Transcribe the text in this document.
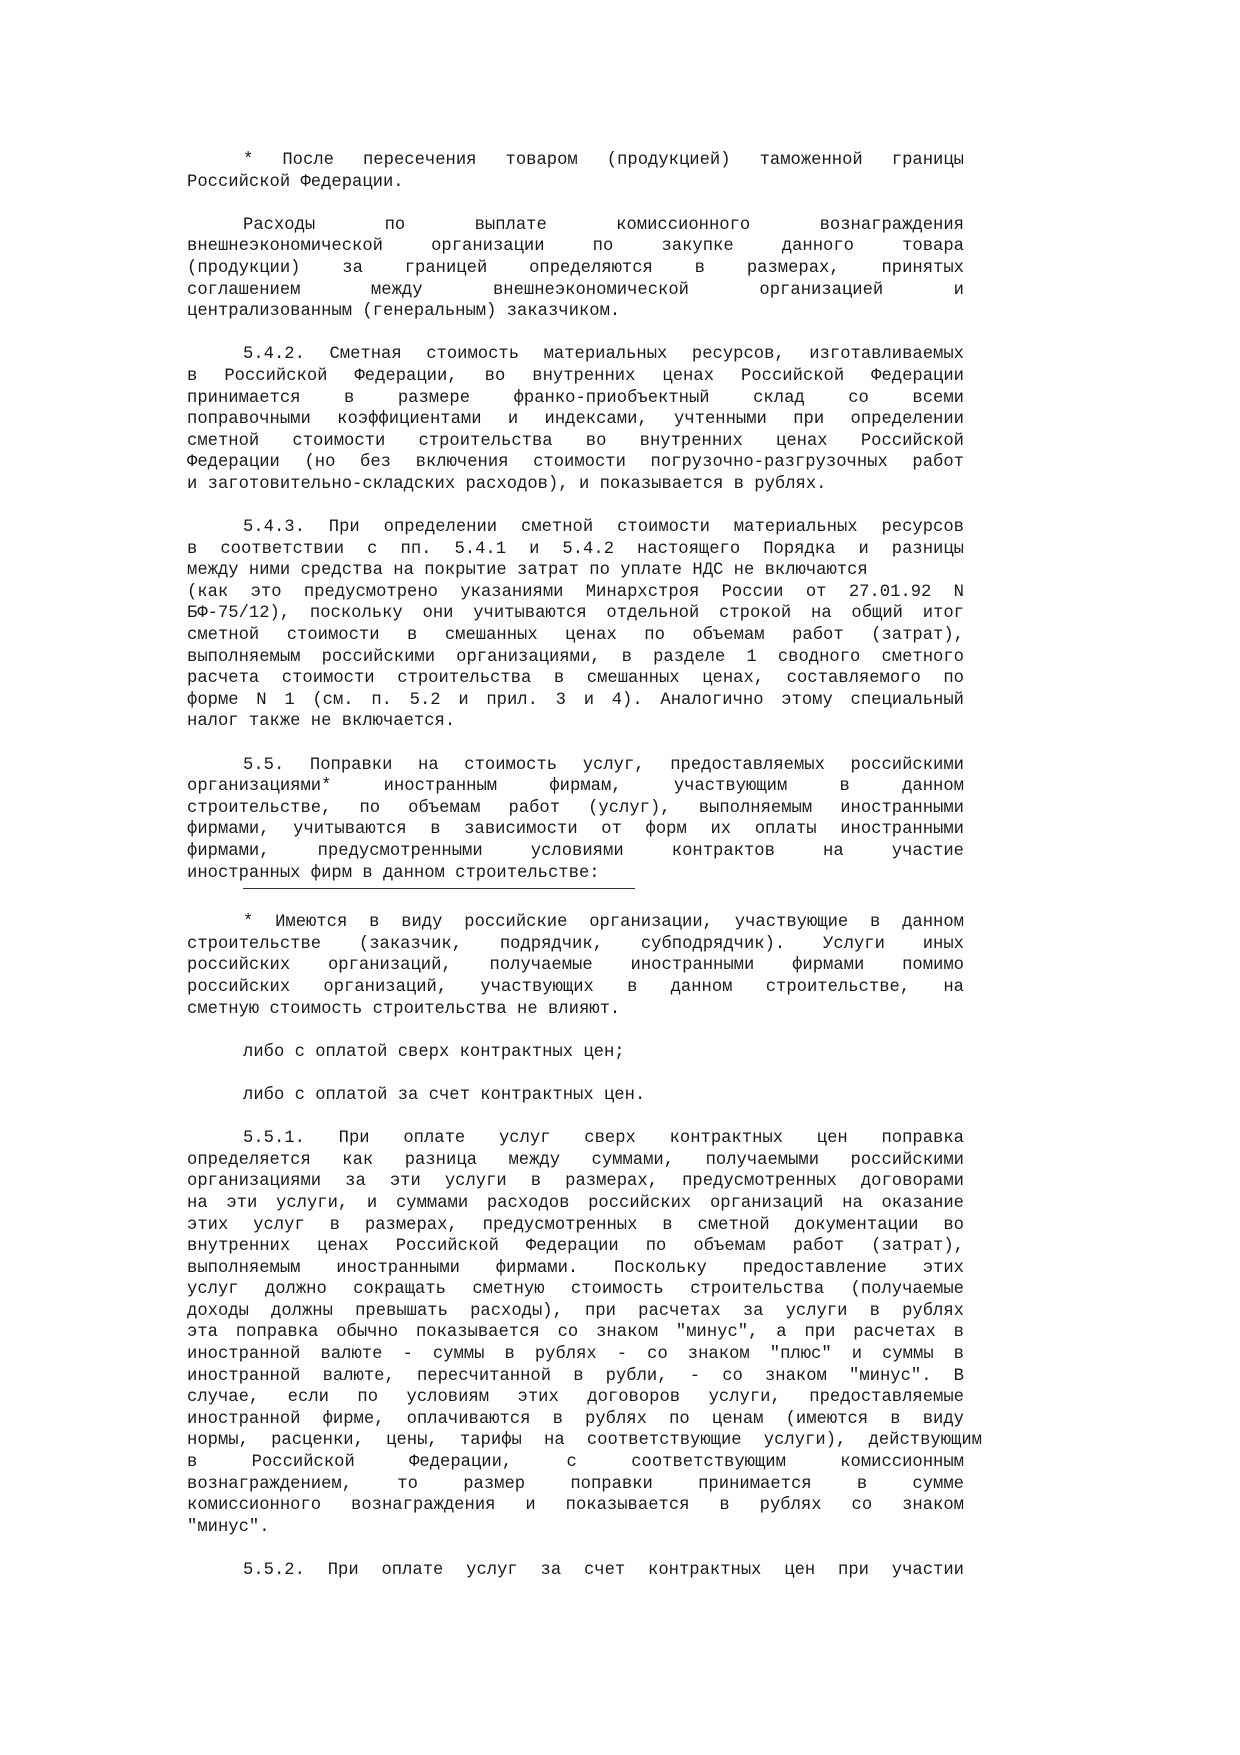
* После пересечения товаром (продукцией) таможенной границы
Российской Федерации.

Расходы по выплате комиссионного вознаграждения
внешнеэкономической организации по закупке данного товара
(продукции) за границей определяются в размерах, принятых
соглашением между внешнеэкономической организацией и
централизованным (генеральным) заказчиком.

5.4.2. Сметная стоимость материальных ресурсов, изготавливаемых
в Российской Федерации, во внутренних ценах Российской Федерации
принимается в размере франко-приобъектный склад со всеми
поправочными коэффициентами и индексами, учтенными при определении
сметной стоимости строительства во внутренних ценах Российской
Федерации (но без включения стоимости погрузочно-разгрузочных работ
и заготовительно-складских расходов), и показывается в рублях.

5.4.3. При определении сметной стоимости материальных ресурсов
в соответствии с пп. 5.4.1 и 5.4.2 настоящего Порядка и разницы
между ними средства на покрытие затрат по уплате НДС не включаются
(как это предусмотрено указаниями Минархстроя России от 27.01.92 N
БФ-75/12), поскольку они учитываются отдельной строкой на общий итог
сметной стоимости в смешанных ценах по объемам работ (затрат),
выполняемым российскими организациями, в разделе 1 сводного сметного
расчета стоимости строительства в смешанных ценах, составляемого по
форме N 1 (см. п. 5.2 и прил. 3 и 4). Аналогично этому специальный
налог также не включается.

5.5. Поправки на стоимость услуг, предоставляемых российскими
организациями* иностранным фирмам, участвующим в данном
строительстве, по объемам работ (услуг), выполняемым иностранными
фирмами, учитываются в зависимости от форм их оплаты иностранными
фирмами, предусмотренными условиями контрактов на участие
иностранных фирм в данном строительстве:

* Имеются в виду российские организации, участвующие в данном
строительстве (заказчик, подрядчик, субподрядчик). Услуги иных
российских организаций, получаемые иностранными фирмами помимо
российских организаций, участвующих в данном строительстве, на
сметную стоимость строительства не влияют.

либо с оплатой сверх контрактных цен;

либо с оплатой за счет контрактных цен.

5.5.1. При оплате услуг сверх контрактных цен поправка
определяется как разница между суммами, получаемыми российскими
организациями за эти услуги в размерах, предусмотренных договорами
на эти услуги, и суммами расходов российских организаций на оказание
этих услуг в размерах, предусмотренных в сметной документации во
внутренних ценах Российской Федерации по объемам работ (затрат),
выполняемым иностранными фирмами. Поскольку предоставление этих
услуг должно сокращать сметную стоимость строительства (получаемые
доходы должны превышать расходы), при расчетах за услуги в рублях
эта поправка обычно показывается со знаком "минус", а при расчетах в
иностранной валюте - суммы в рублях - со знаком "плюс" и суммы в
иностранной валюте, пересчитанной в рубли, - со знаком "минус". В
случае, если по условиям этих договоров услуги, предоставляемые
иностранной фирме, оплачиваются в рублях по ценам (имеются в виду
нормы, расценки, цены, тарифы на соответствующие услуги), действующим
в Российской Федерации, с соответствующим комиссионным
вознаграждением, то размер поправки принимается в сумме
комиссионного вознаграждения и показывается в рублях со знаком
"минус".

5.5.2. При оплате услуг за счет контрактных цен при участии
